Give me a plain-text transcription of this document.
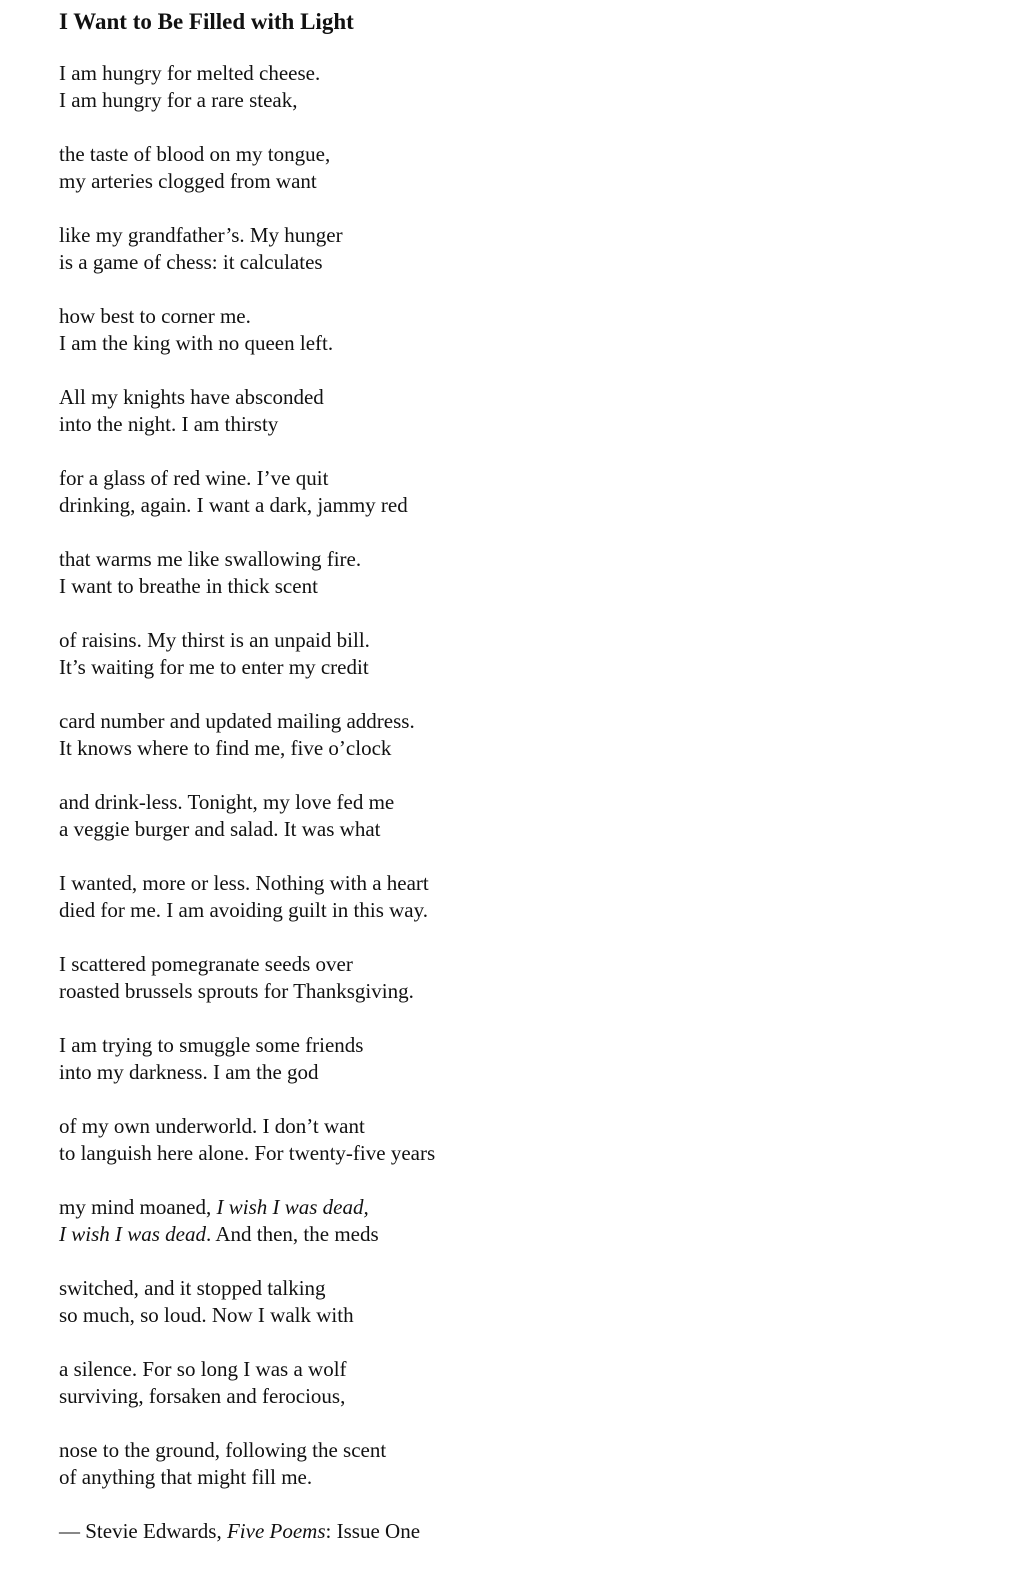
I Want to Be Filled with Light
I am hungry for melted cheese.
I am hungry for a rare steak,
the taste of blood on my tongue,
my arteries clogged from want
like my grandfather’s. My hunger
is a game of chess: it calculates
how best to corner me.
I am the king with no queen left.
All my knights have absconded
into the night. I am thirsty
for a glass of red wine. I’ve quit
drinking, again. I want a dark, jammy red
that warms me like swallowing fire.
I want to breathe in thick scent
of raisins. My thirst is an unpaid bill.
It’s waiting for me to enter my credit
card number and updated mailing address.
It knows where to find me, five o’clock
and drink-less. Tonight, my love fed me
a veggie burger and salad. It was what
I wanted, more or less. Nothing with a heart
died for me. I am avoiding guilt in this way.
I scattered pomegranate seeds over
roasted brussels sprouts for Thanksgiving.
I am trying to smuggle some friends
into my darkness. I am the god
of my own underworld. I don’t want
to languish here alone. For twenty-five years
my mind moaned, I wish I was dead,
I wish I was dead. And then, the meds
switched, and it stopped talking
so much, so loud. Now I walk with
a silence. For so long I was a wolf
surviving, forsaken and ferocious,
nose to the ground, following the scent
of anything that might fill me.
— Stevie Edwards, Five Poems: Issue One
